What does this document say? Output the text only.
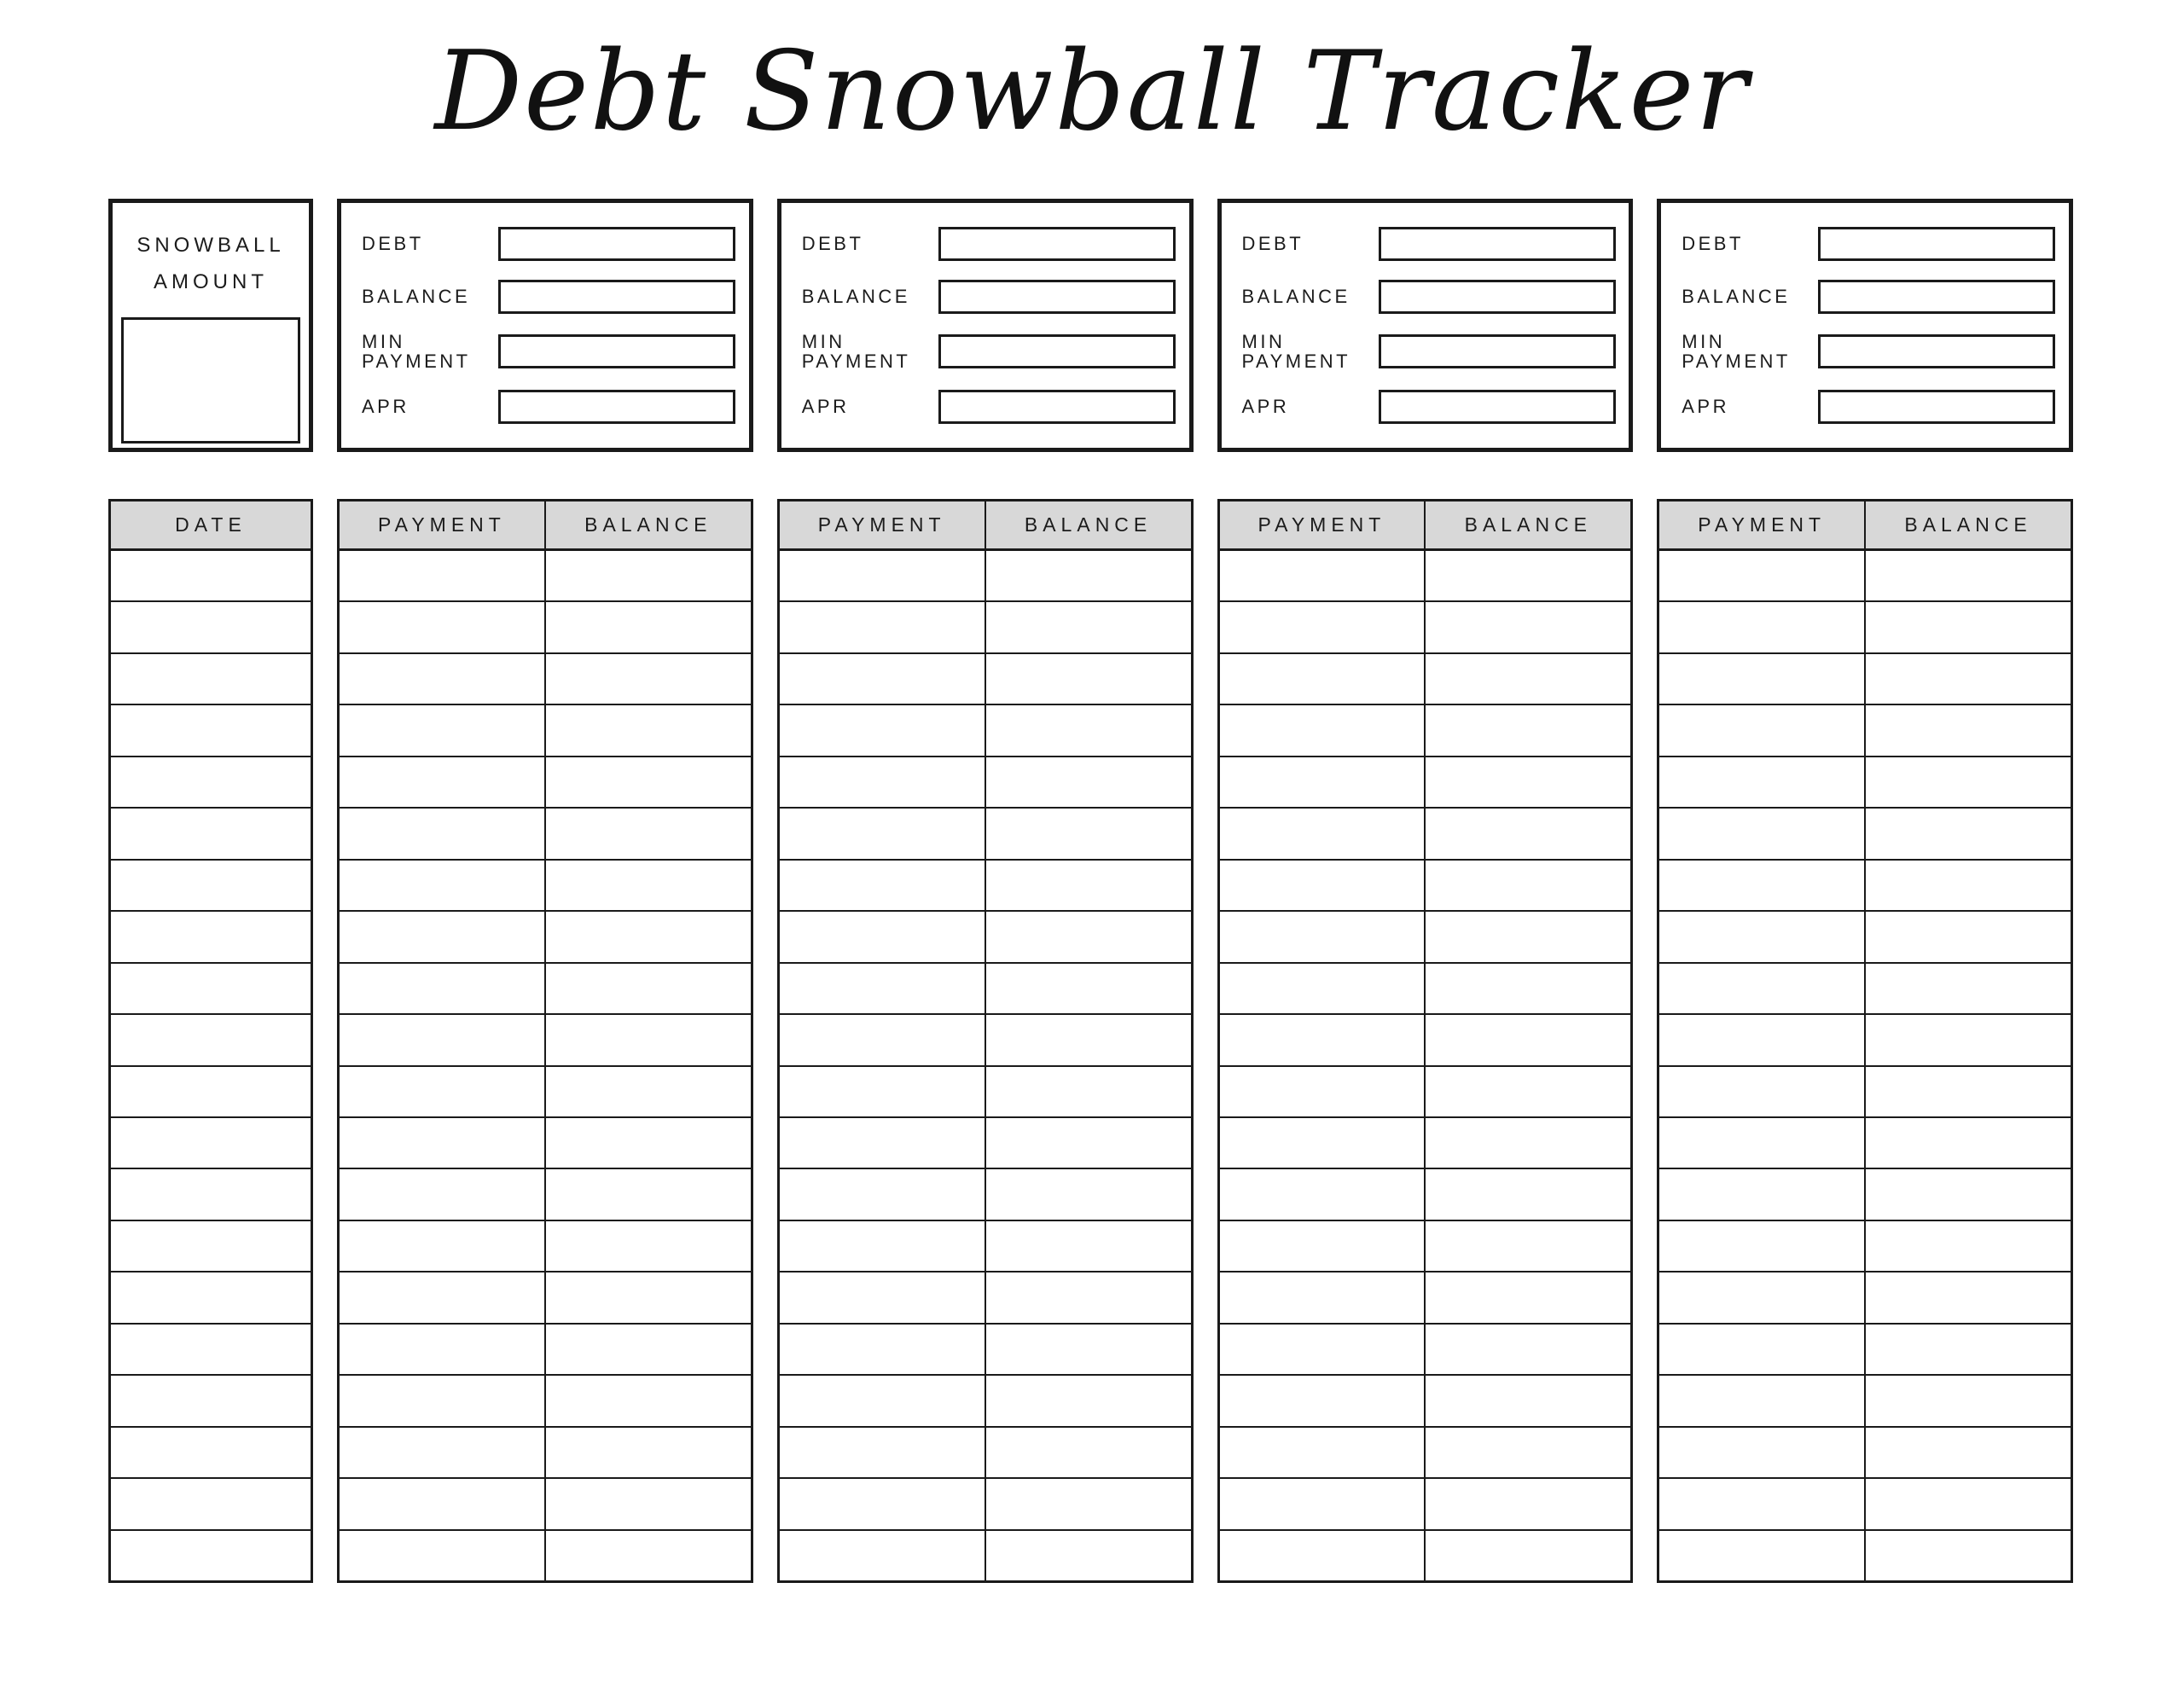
Debt Snowball Tracker
SNOWBALL AMOUNT
DEBT
BALANCE
MIN PAYMENT
APR
DEBT
BALANCE
MIN PAYMENT
APR
DEBT
BALANCE
MIN PAYMENT
APR
DEBT
BALANCE
MIN PAYMENT
APR
DATE	PAYMENT	BALANCE	PAYMENT	BALANCE	PAYMENT	BALANCE	PAYMENT	BALANCE
